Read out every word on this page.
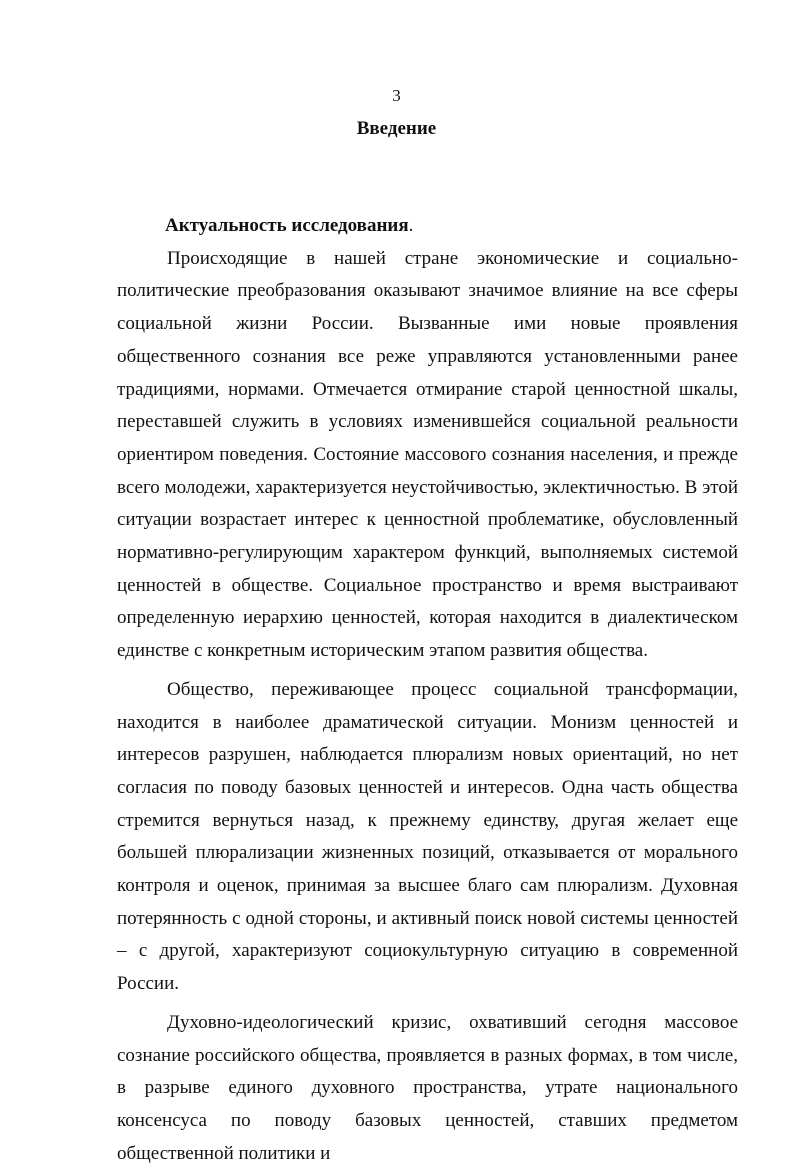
3
Введение
Актуальность исследования.

Происходящие в нашей стране экономические и социально-политические преобразования оказывают значимое влияние на все сферы социальной жизни России. Вызванные ими новые проявления общественного сознания все реже управляются установленными ранее традициями, нормами. Отмечается отмирание старой ценностной шкалы, переставшей служить в условиях изменившейся социальной реальности ориентиром поведения. Состояние массового сознания населения, и прежде всего молодежи, характеризуется неустойчивостью, эклектичностью. В этой ситуации возрастает интерес к ценностной проблематике, обусловленный нормативно-регулирующим характером функций, выполняемых системой ценностей в обществе. Социальное пространство и время выстраивают определенную иерархию ценностей, которая находится в диалектическом единстве с конкретным историческим этапом развития общества.

Общество, переживающее процесс социальной трансформации, находится в наиболее драматической ситуации. Монизм ценностей и интересов разрушен, наблюдается плюрализм новых ориентаций, но нет согласия по поводу базовых ценностей и интересов. Одна часть общества стремится вернуться назад, к прежнему единству, другая желает еще большей плюрализации жизненных позиций, отказывается от морального контроля и оценок, принимая за высшее благо сам плюрализм. Духовная потерянность с одной стороны, и активный поиск новой системы ценностей – с другой, характеризуют социокультурную ситуацию в современной России.

Духовно-идеологический кризис, охвативший сегодня массовое сознание российского общества, проявляется в разных формах, в том числе, в разрыве единого духовного пространства, утрате национального консенсуса по поводу базовых ценностей, ставших предметом общественной политики и
